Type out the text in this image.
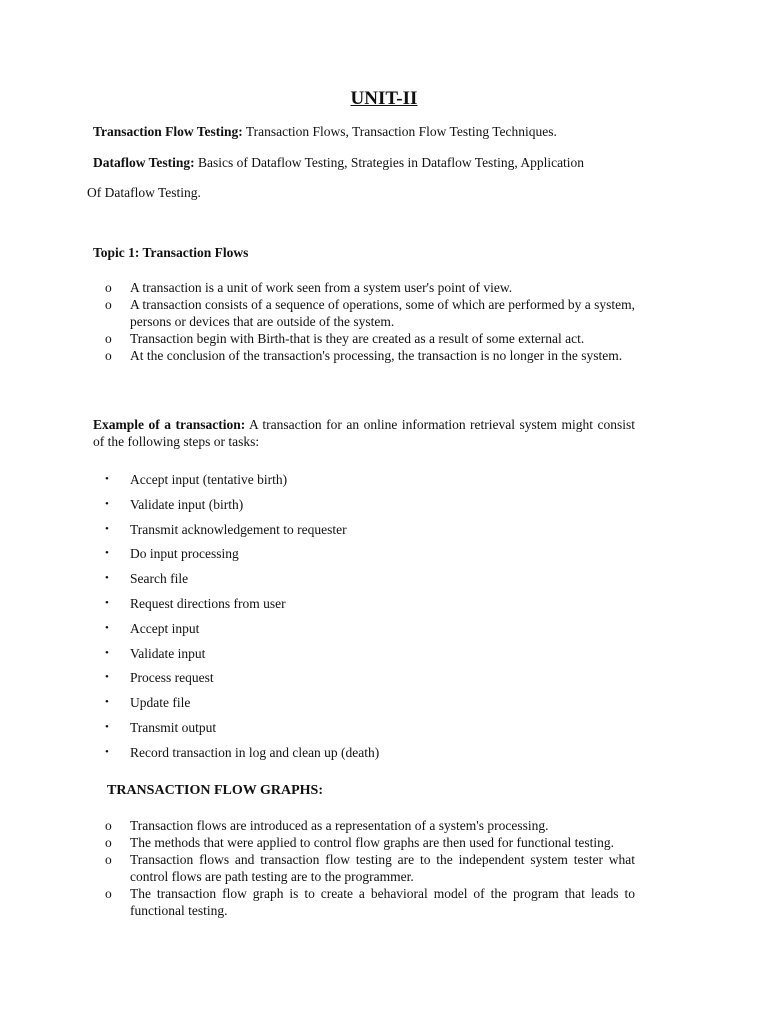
UNIT-II
Transaction Flow Testing: Transaction Flows, Transaction Flow Testing Techniques.
Dataflow Testing: Basics of Dataflow Testing, Strategies in Dataflow Testing, Application
Of Dataflow Testing.
Topic 1: Transaction Flows
o A transaction is a unit of work seen from a system user's point of view.
o A transaction consists of a sequence of operations, some of which are performed by a system, persons or devices that are outside of the system.
o Transaction begin with Birth-that is they are created as a result of some external act.
o At the conclusion of the transaction's processing, the transaction is no longer in the system.
Example of a transaction: A transaction for an online information retrieval system might consist of the following steps or tasks:
• Accept input (tentative birth)
• Validate input (birth)
• Transmit acknowledgement to requester
• Do input processing
• Search file
• Request directions from user
• Accept input
• Validate input
• Process request
• Update file
• Transmit output
• Record transaction in log and clean up (death)
TRANSACTION FLOW GRAPHS:
o Transaction flows are introduced as a representation of a system's processing.
o The methods that were applied to control flow graphs are then used for functional testing.
o Transaction flows and transaction flow testing are to the independent system tester what control flows are path testing are to the programmer.
o The transaction flow graph is to create a behavioral model of the program that leads to functional testing.
